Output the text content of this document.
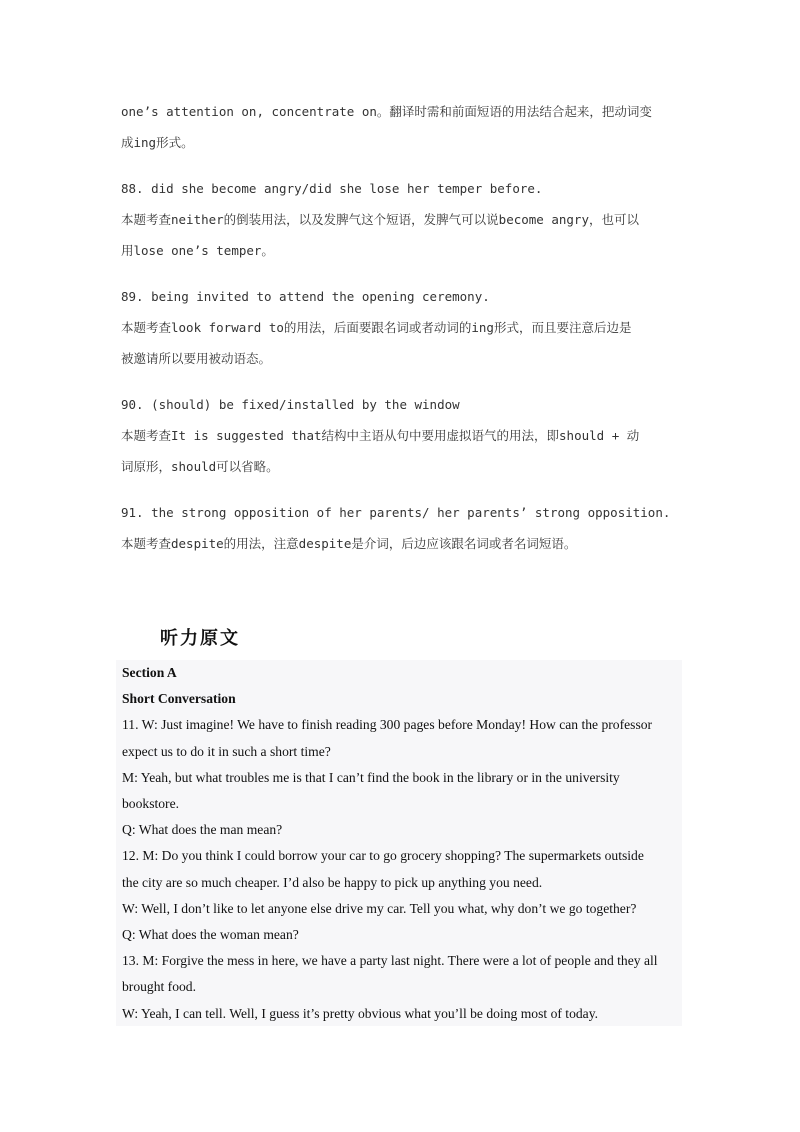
one’s attention on, concentrate on。翻译时需和前面短语的用法结合起来，把动词变
成ing形式。
88. did she become angry/did she lose her temper before.
本题考查neither的倒装用法，以及发脾气这个短语，发脾气可以说become angry，也可以
用lose one’s temper。
89. being invited to attend the opening ceremony.
本题考查look forward to的用法，后面要跟名词或者动词的ing形式，而且要注意后边是
被邀请所以要用被动语态。
90. (should) be fixed/installed by the window
本题考查It is suggested that结构中主语从句中要用虚拟语气的用法，即should + 动
词原形，should可以省略。
91. the strong opposition of her parents/ her parents’ strong opposition.
本题考查despite的用法，注意despite是介词，后边应该跟名词或者名词短语。
听力原文
Section A
Short Conversation
11. W: Just imagine! We have to finish reading 300 pages before Monday! How can the professor
expect us to do it in such a short time?
M: Yeah, but what troubles me is that I can’t find the book in the library or in the university
bookstore.
Q: What does the man mean?
12. M: Do you think I could borrow your car to go grocery shopping? The supermarkets outside
the city are so much cheaper. I’d also be happy to pick up anything you need.
W: Well, I don’t like to let anyone else drive my car. Tell you what, why don’t we go together?
Q: What does the woman mean?
13. M: Forgive the mess in here, we have a party last night. There were a lot of people and they all
brought food.
W: Yeah, I can tell. Well, I guess it’s pretty obvious what you’ll be doing most of today.
